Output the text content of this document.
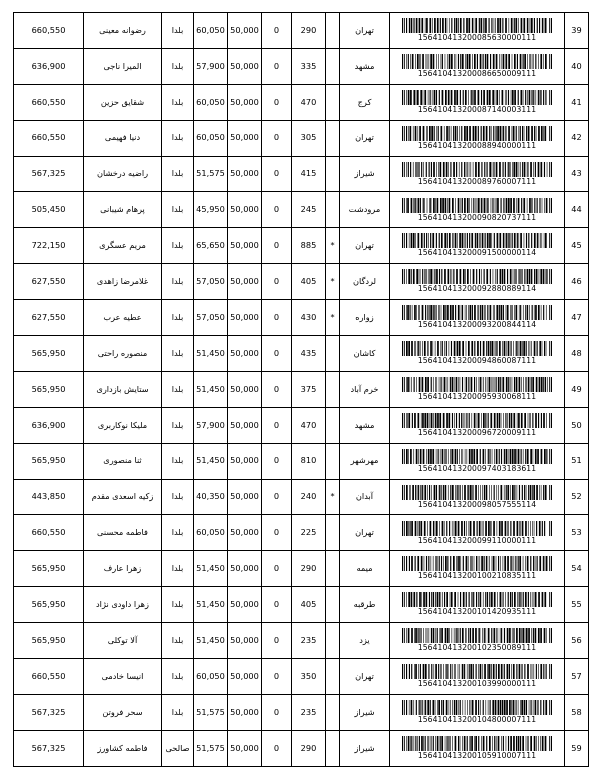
660,550	رضوانه معینی	بلدا	60,050	50,000	0	290		تهران	156410413200085630000111	39
636,900	المیرا ناجی	بلدا	57,900	50,000	0	335		مشهد	156410413200086650009111	40
660,550	شقایق حزین	بلدا	60,050	50,000	0	470		کرج	156410413200087140003111	41
660,550	دنیا فهیمی	بلدا	60,050	50,000	0	305		تهران	156410413200088940000111	42
567,325	راضیه درخشان	بلدا	51,575	50,000	0	415		شیراز	156410413200089760007111	43
505,450	پرهام شیبانی	بلدا	45,950	50,000	0	245		مرودشت	156410413200090820737111	44
722,150	مریم عسگری	بلدا	65,650	50,000	0	885	*	تهران	156410413200091500000114	45
627,550	غلامرضا زاهدی	بلدا	57,050	50,000	0	405	*	لردگان	156410413200092880889114	46
627,550	عطیه عرب	بلدا	57,050	50,000	0	430	*	زواره	156410413200093200844114	47
565,950	منصوره راحتی	بلدا	51,450	50,000	0	435		کاشان	156410413200094860087111	48
565,950	ستایش بازداری	بلدا	51,450	50,000	0	375		خرم آباد	156410413200095930068111	49
636,900	ملیکا نوکاربری	بلدا	57,900	50,000	0	470		مشهد	156410413200096720009111	50
565,950	ثنا منصوری	بلدا	51,450	50,000	0	810		مهرشهر	156410413200097403183611	51
443,850	زکیه اسعدی مقدم	بلدا	40,350	50,000	0	240	*	آبدان	156410413200098057555114	52
660,550	فاطمه محسنی	بلدا	60,050	50,000	0	225		تهران	156410413200099110000111	53
565,950	زهرا عارف	بلدا	51,450	50,000	0	290		میمه	156410413200100210835111	54
565,950	زهرا داودی نژاد	بلدا	51,450	50,000	0	405		طرقبه	156410413200101420935111	55
565,950	آلا توکلی	بلدا	51,450	50,000	0	235		یزد	156410413200102350089111	56
660,550	انیسا خادمی	بلدا	60,050	50,000	0	350		تهران	156410413200103990000111	57
567,325	سحر فروتن	بلدا	51,575	50,000	0	235		شیراز	156410413200104800007111	58
567,325	فاطمه کشاورز	صالحی	51,575	50,000	0	290		شیراز	156410413200105910007111	59
